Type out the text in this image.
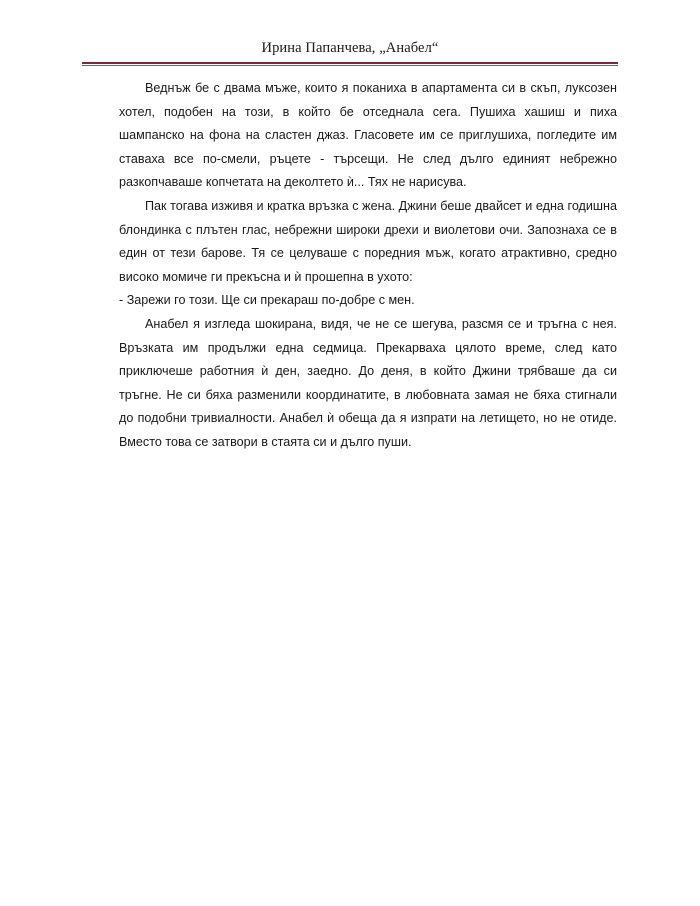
Ирина Папанчева, „Анабел“

Веднъж бе с двама мъже, които я поканиха в апартамента си в скъп, луксозен хотел, подобен на този, в който бе отседнала сега. Пушиха хашиш и пиха шампанско на фона на сластен джаз. Гласовете им се приглушиха, погледите им ставаха все по-смели, ръцете - търсещи. Не след дълго единият небрежно разкопчаваше копчетата на деколтето ѝ... Тях не нарисува.

Пак тогава изживя и кратка връзка с жена. Джини беше двайсет и една годишна блондинка с плътен глас, небрежни широки дрехи и виолетови очи. Запознаха се в един от тези барове. Тя се целуваше с поредния мъж, когато атрактивно, средно високо момиче ги прекъсна и ѝ прошепна в ухото:

- Зарежи го този. Ще си прекараш по-добре с мен.

Анабел я изгледа шокирана, видя, че не се шегува, разсмя се и тръгна с нея. Връзката им продължи една седмица. Прекарваха цялото време, след като приключеше работния ѝ ден, заедно. До деня, в който Джини трябваше да си тръгне. Не си бяха разменили координатите, в любовната замая не бяха стигнали до подобни тривиалности. Анабел ѝ обеща да я изпрати на летището, но не отиде. Вместо това се затвори в стаята си и дълго пуши.
